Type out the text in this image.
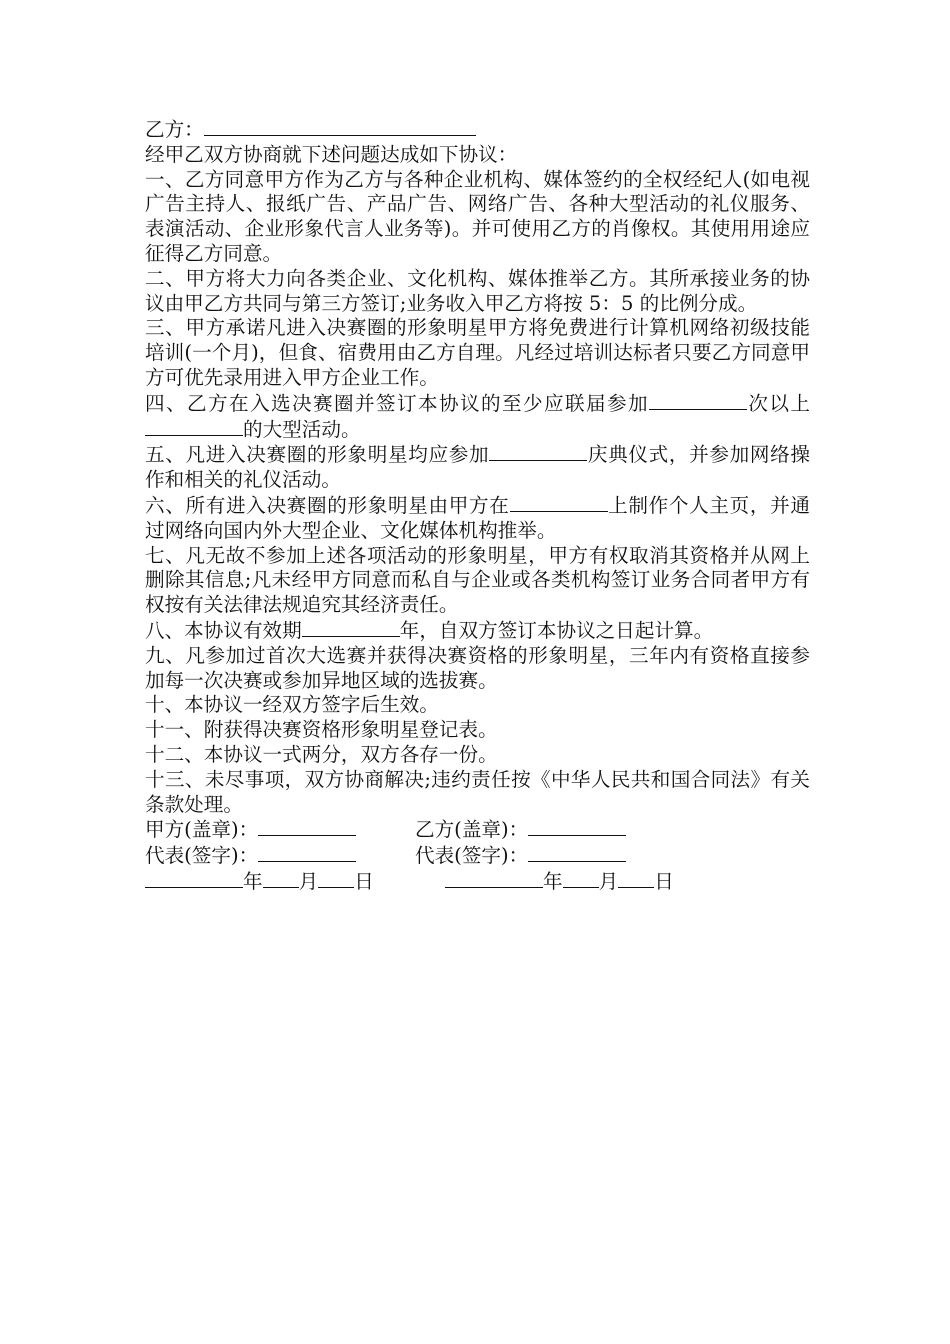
乙方：
经甲乙双方协商就下述问题达成如下协议：
一、乙方同意甲方作为乙方与各种企业机构、媒体签约的全权经纪人(如电视广告主持人、报纸广告、产品广告、网络广告、各种大型活动的礼仪服务、表演活动、企业形象代言人业务等)。并可使用乙方的肖像权。其使用用途应征得乙方同意。
二、甲方将大力向各类企业、文化机构、媒体推举乙方。其所承接业务的协议由甲乙方共同与第三方签订;业务收入甲乙方将按 5：5 的比例分成。
三、甲方承诺凡进入决赛圈的形象明星甲方将免费进行计算机网络初级技能培训(一个月)，但食、宿费用由乙方自理。凡经过培训达标者只要乙方同意甲方可优先录用进入甲方企业工作。
四、乙方在入选决赛圈并签订本协议的至少应联届参加	次以上的大型活动。
五、凡进入决赛圈的形象明星均应参加	庆典仪式，并参加网络操作和相关的礼仪活动。
六、所有进入决赛圈的形象明星由甲方在	上制作个人主页，并通过网络向国内外大型企业、文化媒体机构推举。
七、凡无故不参加上述各项活动的形象明星，甲方有权取消其资格并从网上删除其信息;凡未经甲方同意而私自与企业或各类机构签订业务合同者甲方有权按有关法律法规追究其经济责任。
八、本协议有效期	年，自双方签订本协议之日起计算。
九、凡参加过首次大选赛并获得决赛资格的形象明星，三年内有资格直接参加每一次决赛或参加异地区域的选拔赛。
十、本协议一经双方签字后生效。
十一、附获得决赛资格形象明星登记表。
十二、本协议一式两分，双方各存一份。
十三、未尽事项，双方协商解决;违约责任按《中华人民共和国合同法》有关条款处理。
甲方(盖章)：	乙方(盖章)：
代表(签字)：	代表(签字)：
年 月 日	年 月 日
